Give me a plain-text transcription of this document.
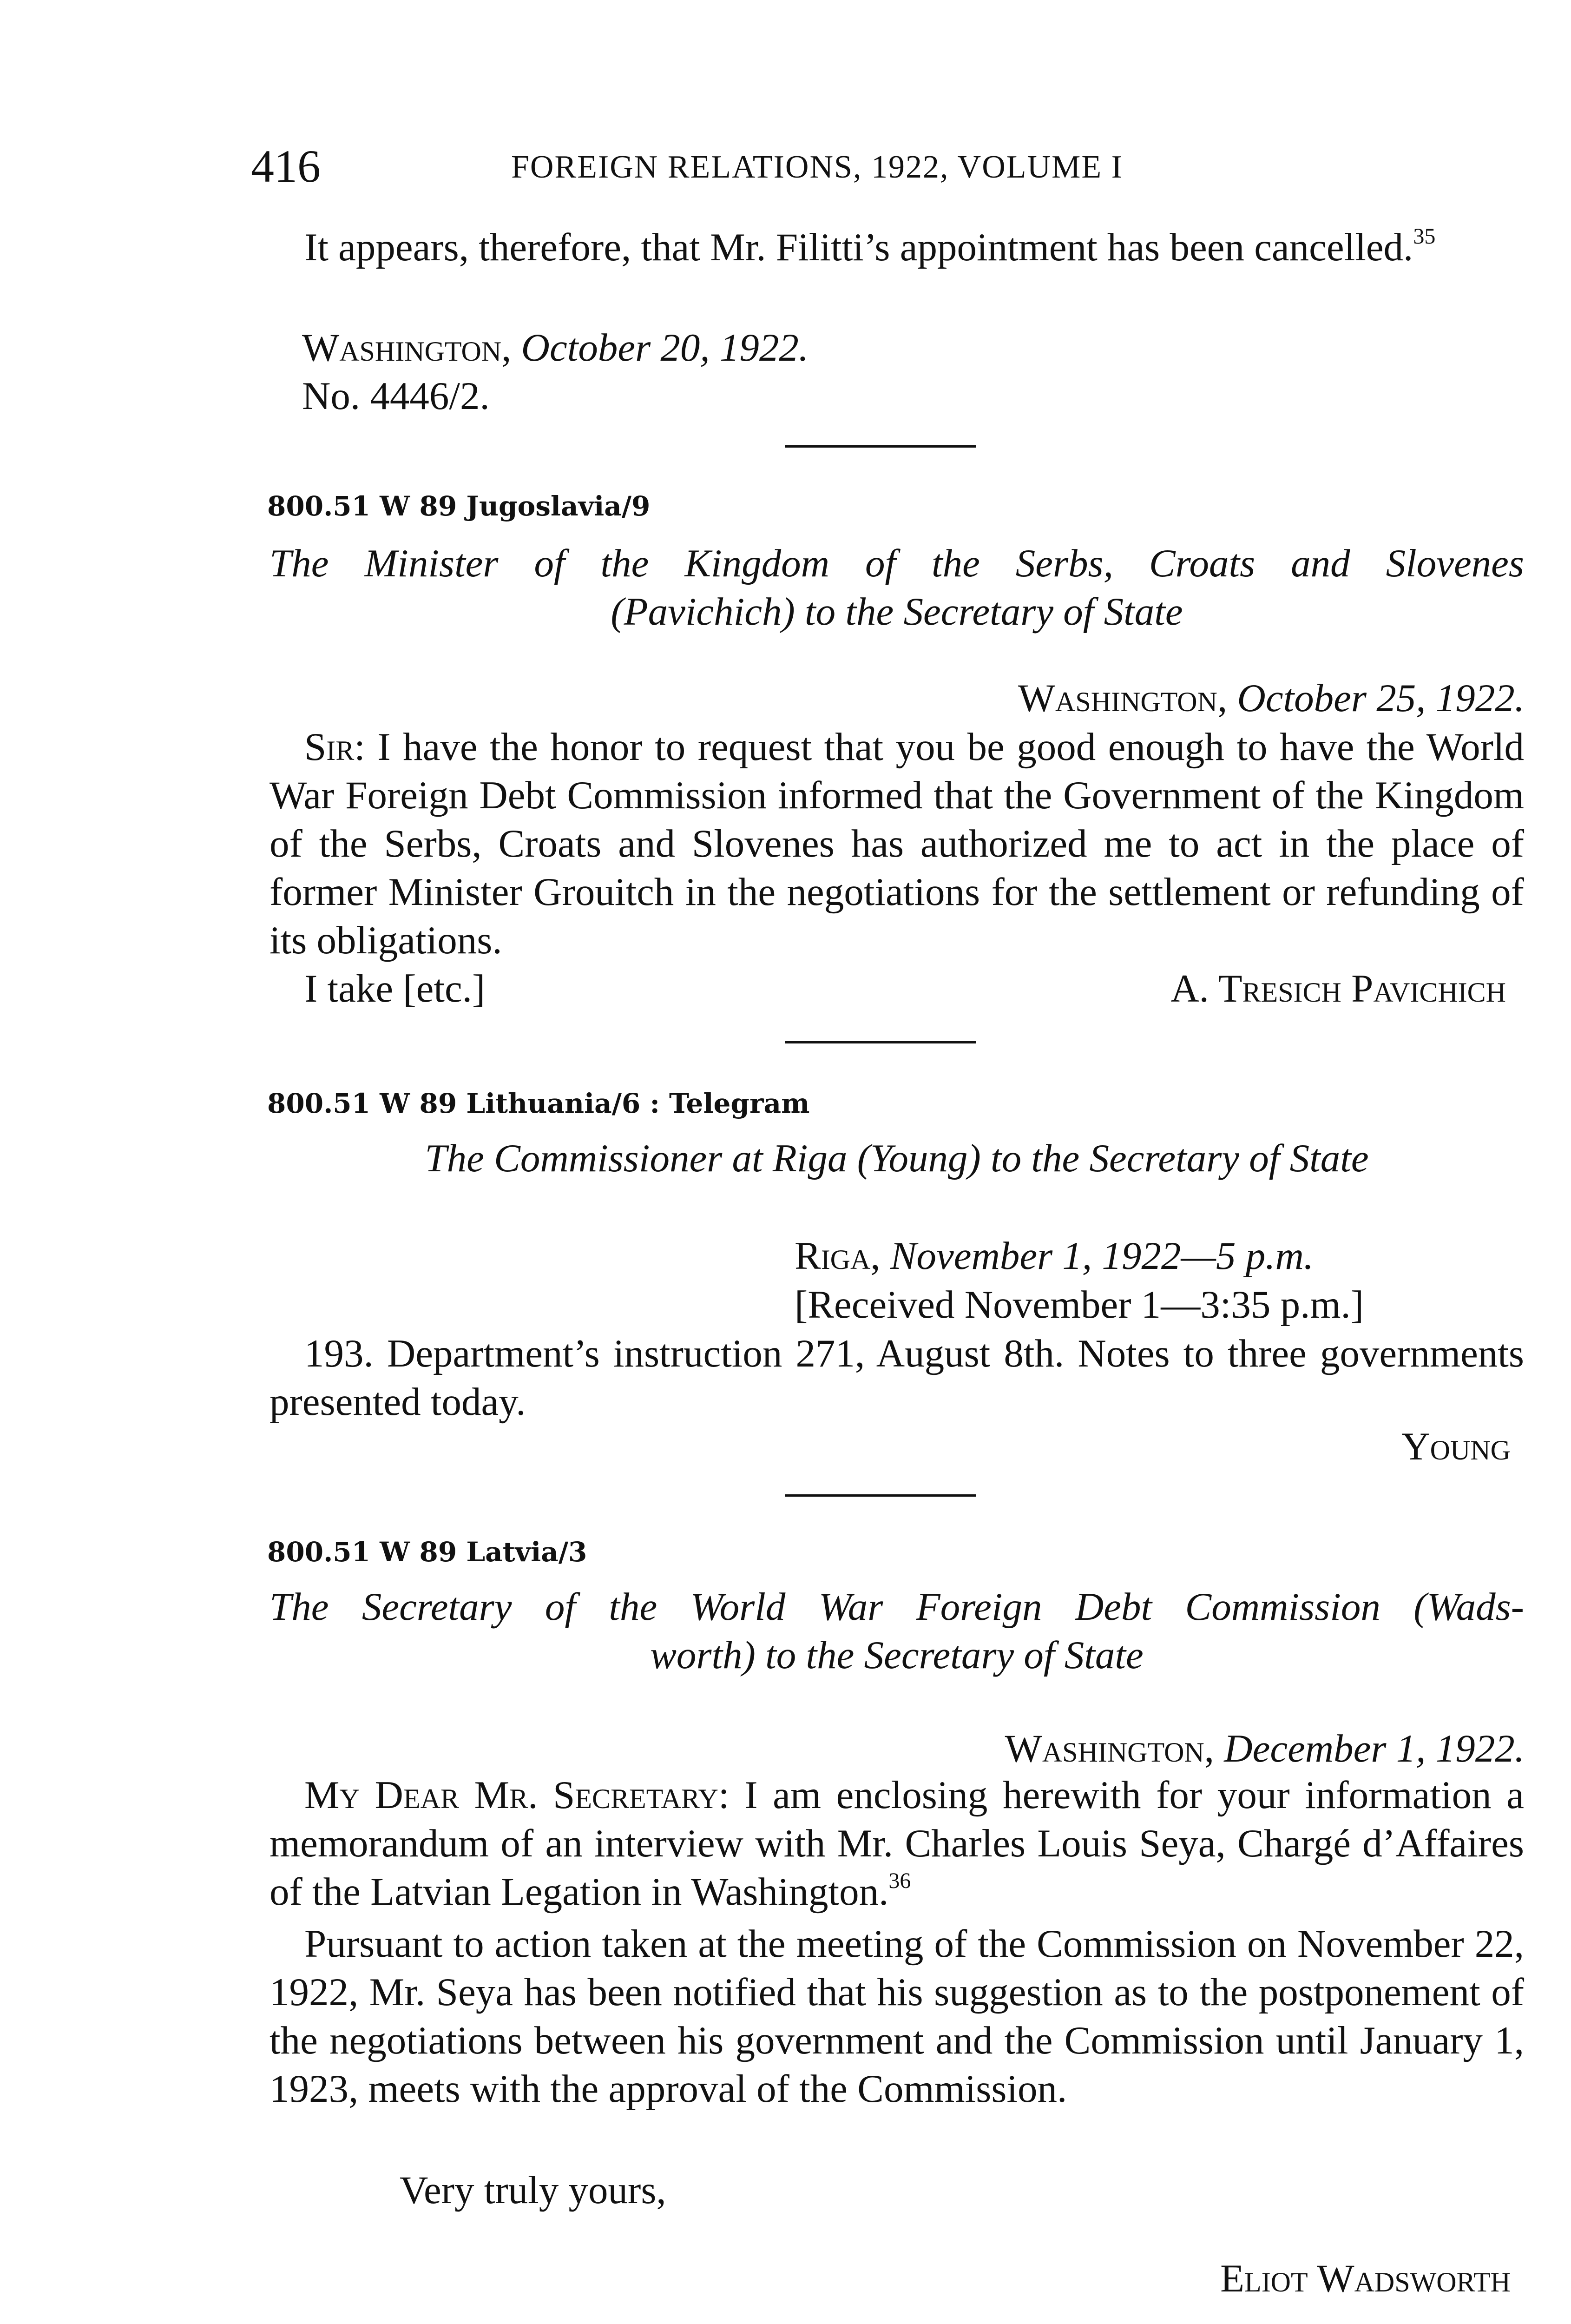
416	FOREIGN RELATIONS, 1922, VOLUME I

It appears, therefore, that Mr. Filitti’s appointment has been cancelled.$^{35}$

Washington, October 20, 1922.

No. 4446/2.

800.51 W 89 Jugoslavia/9
The Minister of the Kingdom of the Serbs, Croats and Slovenes
(Pavichich) to the Secretary of State

Washington, October 25, 1922.

Sir: I have the honor to request that you be good enough to have the World War Foreign Debt Commission informed that the Government of the Kingdom of the Serbs, Croats and Slovenes has authorized me to act in the place of former Minister Grouitch in the negotiations for the settlement or refunding of its obligations.

I take [etc.]	A. Tresich Pavichich

800.51 W 89 Lithuania/6 : Telegram
The Commissioner at Riga (Young) to the Secretary of State

Riga, November 1, 1922—5 p.m.

[Received November 1—3:35 p.m.]

193. Department’s instruction 271, August 8th. Notes to three governments presented today.

Young

800.51 W 89 Latvia/3
The Secretary of the World War Foreign Debt Commission (Wads-
worth) to the Secretary of State

Washington, December 1, 1922.

My Dear Mr. Secretary: I am enclosing herewith for your information a memorandum of an interview with Mr. Charles Louis Seya, Chargé d’Affaires of the Latvian Legation in Washington.$^{36}$

Pursuant to action taken at the meeting of the Commission on November 22, 1922, Mr. Seya has been notified that his suggestion as to the postponement of the negotiations between his government and the Commission until January 1, 1923, meets with the approval of the Commission.

Very truly yours,

Eliot Wadsworth
